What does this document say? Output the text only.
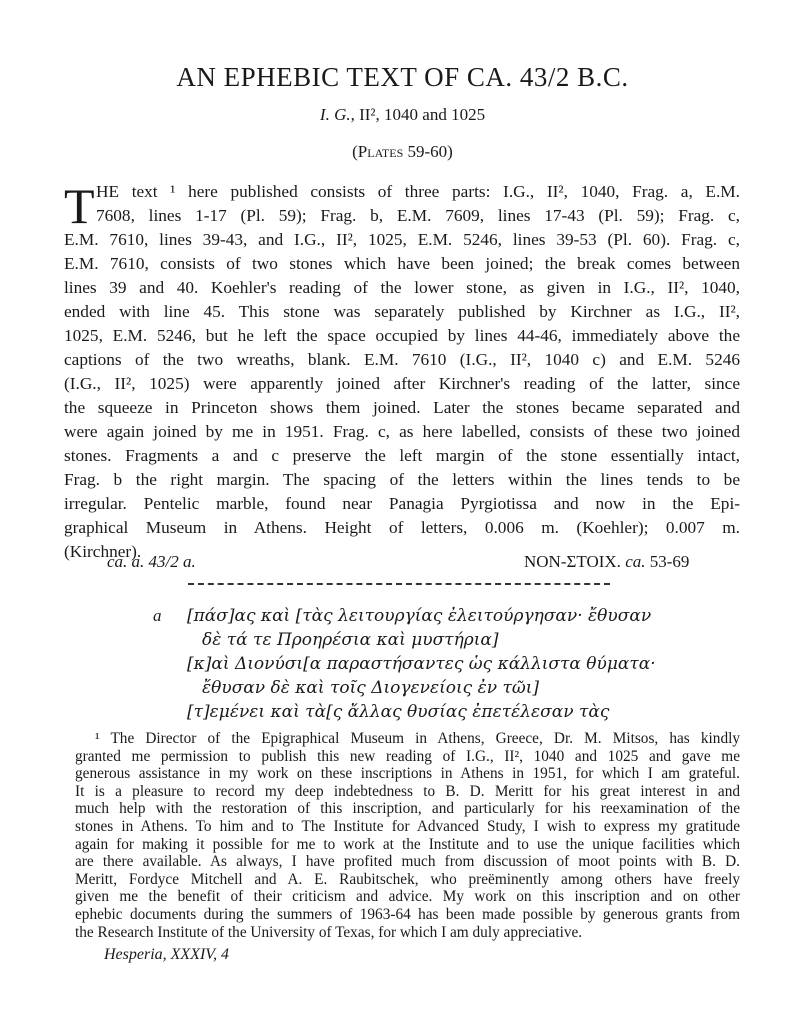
AN EPHEBIC TEXT OF CA. 43/2 B.C.
I. G., II², 1040 and 1025
(Plates 59-60)
T HE text ¹ here published consists of three parts: I.G., II², 1040, Frag. a, E.M.
7608, lines 1-17 (Pl. 59); Frag. b, E.M. 7609, lines 17-43 (Pl. 59); Frag. c,
E.M. 7610, lines 39-43, and I.G., II², 1025, E.M. 5246, lines 39-53 (Pl. 60). Frag. c,
E.M. 7610, consists of two stones which have been joined; the break comes between
lines 39 and 40. Koehler's reading of the lower stone, as given in I.G., II², 1040,
ended with line 45. This stone was separately published by Kirchner as I.G., II²,
1025, E.M. 5246, but he left the space occupied by lines 44-46, immediately above the
captions of the two wreaths, blank. E.M. 7610 (I.G., II², 1040 c) and E.M. 5246
(I.G., II², 1025) were apparently joined after Kirchner's reading of the latter, since
the squeeze in Princeton shows them joined. Later the stones became separated and
were again joined by me in 1951. Frag. c, as here labelled, consists of these two joined
stones. Fragments a and c preserve the left margin of the stone essentially intact,
Frag. b the right margin. The spacing of the letters within the lines tends to be
irregular. Pentelic marble, found near Panagia Pyrgiotissa and now in the Epi-
graphical Museum in Athens. Height of letters, 0.006 m. (Koehler); 0.007 m.
(Kirchner).
ca. a. 43/2 a.	NON-ΣΤΟΙΧ. ca. 53-69
a [πάσ]ας καὶ [τὰς λειτουργίας ἐλειτούργησαν· ἔθυσαν
δὲ τά τε Προηρέσια καὶ μυστήρια]
[κ]αὶ Διονύσι[α παραστήσαντες ὡς κάλλιστα θύματα·
ἔθυσαν δὲ καὶ τοῖς Διογενείοις ἐν τῶι]
[τ]εμένει καὶ τὰ[ς ἄλλας θυσίας ἐπετέλεσαν τὰς
¹ The Director of the Epigraphical Museum in Athens, Greece, Dr. M. Mitsos, has kindly
granted me permission to publish this new reading of I.G., II², 1040 and 1025 and gave me
generous assistance in my work on these inscriptions in Athens in 1951, for which I am grateful.
It is a pleasure to record my deep indebtedness to B. D. Meritt for his great interest in and
much help with the restoration of this inscription, and particularly for his reexamination of the
stones in Athens. To him and to The Institute for Advanced Study, I wish to express my gratitude
again for making it possible for me to work at the Institute and to use the unique facilities which
are there available. As always, I have profited much from discussion of moot points with B. D.
Meritt, Fordyce Mitchell and A. E. Raubitschek, who preëminently among others have freely
given me the benefit of their criticism and advice. My work on this inscription and on other
ephebic documents during the summers of 1963-64 has been made possible by generous grants from
the Research Institute of the University of Texas, for which I am duly appreciative.
Hesperia, XXXIV, 4
